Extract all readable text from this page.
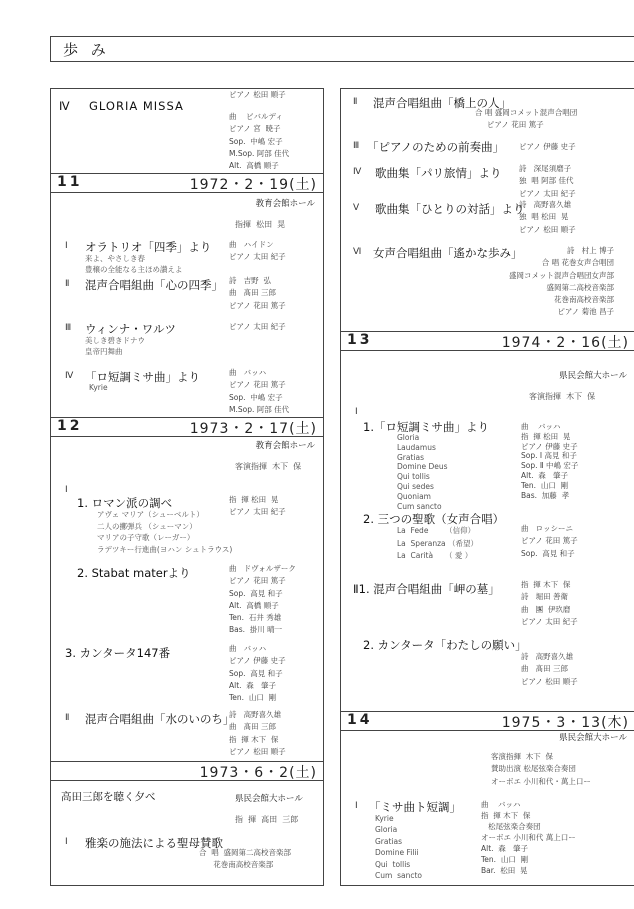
歩 み
Ⅳ GLORIA MISSA
ピアノ 松田 順子
曲    ビバルディ
ピアノ 宮  暁子
Sop.  中嶋 宏子
M.Sop. 阿部 佳代
Alt.  高橋 順子
11	1972・2・19(土)
教育会館ホール
指揮  松田  晃
Ⅰ オラトリオ「四季」より
来よ、やさしき春
豊穣の全能なる主ほめ讃えよ
曲   ハイドン
ピアノ 太田 紀子
Ⅱ 混声合唱組曲「心の四季」 詩   吉野  弘
曲   髙田 三郎
ピアノ 花田 篤子
Ⅲ ウィンナ・ワルツ
美しき碧きドナウ
皇帝円舞曲
ピアノ 太田 紀子
Ⅳ 「ロ短調ミサ曲」より
Kyrie
曲   バッハ
ピアノ 花田 篤子
Sop.  中嶋 宏子
M.Sop. 阿部 佳代
12	1973・2・17(土)
教育会館ホール
客演指揮  木下  保
Ⅰ
1. ロマン派の調べ	指  揮 松田  晃
ピアノ 太田 紀子
アヴェ マリア（シューベルト）
二人の擲弾兵 （シューマン）
マリアの子守歌（レーガー）
ラデツキー行進曲(ヨハン シュトラウス)
2. Stabat materより	曲   ドヴォルザーク
ピアノ 花田 篤子
Sop.  高見 和子
Alt.  高橋 順子
Ten.  石井 秀雄
Bas.  掛川 晴一
3. カンタータ147番	曲   バッハ
ピアノ 伊藤 史子
Sop.  高見 和子
Alt.  森   肇子
Ten.  山口  剛
Ⅱ 混声合唱組曲「水のいのち」
詩   高野喜久雄
曲   髙田 三郎
指  揮 木下  保
ピアノ 松田 順子
1973・6・2(土)
高田三郎を聴く夕べ	県民会館大ホール
指  揮  高田  三郎
Ⅰ 雅楽の施法による聖母賛歌
合  唱  盛岡第二高校音楽部
花巻南高校音楽部
Ⅱ 混声合唱組曲「橋上の人」
合 唱 盛岡コメット混声合唱団
ピアノ 花田 篤子
Ⅲ 「ピアノのための前奏曲」 ピアノ 伊藤 史子
Ⅳ 歌曲集「パリ旅情」より 詩   深尾須磨子
独  唱 阿部 佳代
ピアノ 太田 紀子
Ⅴ 歌曲集「ひとりの対話」より
詩   高野喜久雄
独  唱 松田  晃
ピアノ 松田 順子
Ⅵ 女声合唱組曲「遙かな歩み」	詩   村上 博子
合 唱 花巻女声合唱団
盛岡コメット混声合唱団女声部
盛岡第二高校音楽部
花巻南高校音楽部
ピアノ 菊池 昌子
13	1974・2・16(土)
県民会館大ホール
客演指揮  木下  保
Ⅰ
1.「ロ短調ミサ曲」より
Gloria
Laudamus
Gratias
Domine Deus
Qui tollis
Qui sedes
Quoniam
Cum sancto
曲    バッハ
指  揮 松田  晃
ピアノ 伊藤 史子
Sop. Ⅰ 高見 和子
Sop. Ⅱ 中嶋 宏子
Alt.  森   肇子
Ten.  山口  剛
Bas.  加藤  孝
2. 三つの聖歌（女声合唱）
La  Fede       （信仰）
La  Speranza （希望）
La  Carità     （ 愛 ）
曲   ロッシーニ
ピアノ 花田 篤子
Sop.  高見 和子
Ⅱ1. 混声合唱組曲「岬の墓」	指  揮 木下  保
詩   堀田 善衛
曲   團  伊玖磨
ピアノ 太田 紀子
2. カンタータ「わたしの願い」
詩   高野喜久雄
曲   髙田 三郎
ピアノ 松田 順子
14	1975・3・13(木)
県民会館大ホール
客演指揮  木下  保
賛助出演 松尾弦楽合奏団
オーボエ 小川和代・萬上口ー
Ⅰ 「ミサ曲ト短調」
Kyrie
Gloria
Gratias
Domine Filii
Qui  tollis
Cum  sancto
曲    バッハ
指  揮 木下  保
松尾弦楽合奏団
オーボエ 小川和代 萬上口ー
Alt.  森   肇子
Ten.  山口  剛
Bar.  松田  晃
